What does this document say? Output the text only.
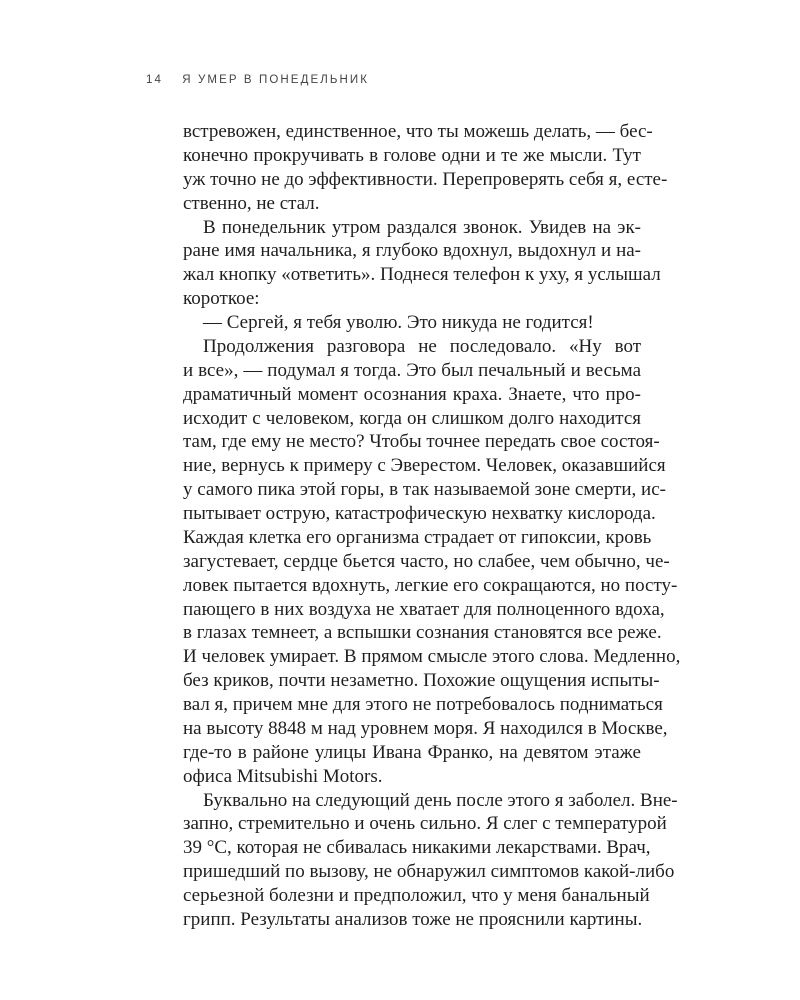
14 Я УМЕР В ПОНЕДЕЛЬНИК
встревожен, единственное, что ты можешь делать, — бес-
конечно прокручивать в голове одни и те же мысли. Тут
уж точно не до эффективности. Перепроверять себя я, есте-
ственно, не стал.
В понедельник утром раздался звонок. Увидев на эк-
ране имя начальника, я глубоко вдохнул, выдохнул и на-
жал кнопку «ответить». Поднеся телефон к уху, я услышал
короткое:
— Сергей, я тебя уволю. Это никуда не годится!
Продолжения разговора не последовало. «Ну вот
и все», — подумал я тогда. Это был печальный и весьма
драматичный момент осознания краха. Знаете, что про-
исходит с человеком, когда он слишком долго находится
там, где ему не место? Чтобы точнее передать свое состоя-
ние, вернусь к примеру с Эверестом. Человек, оказавшийся
у самого пика этой горы, в так называемой зоне смерти, ис-
пытывает острую, катастрофическую нехватку кислорода.
Каждая клетка его организма страдает от гипоксии, кровь
загустевает, сердце бьется часто, но слабее, чем обычно, че-
ловек пытается вдохнуть, легкие его сокращаются, но посту-
пающего в них воздуха не хватает для полноценного вдоха,
в глазах темнеет, а вспышки сознания становятся все реже.
И человек умирает. В прямом смысле этого слова. Медленно,
без криков, почти незаметно. Похожие ощущения испыты-
вал я, причем мне для этого не потребовалось подниматься
на высоту 8848 м над уровнем моря. Я находился в Москве,
где-то в районе улицы Ивана Франко, на девятом этаже
офиса Mitsubishi Motors.
Буквально на следующий день после этого я заболел. Вне-
запно, стремительно и очень сильно. Я слег с температурой
39 °C, которая не сбивалась никакими лекарствами. Врач,
пришедший по вызову, не обнаружил симптомов какой-либо
серьезной болезни и предположил, что у меня банальный
грипп. Результаты анализов тоже не прояснили картины.
